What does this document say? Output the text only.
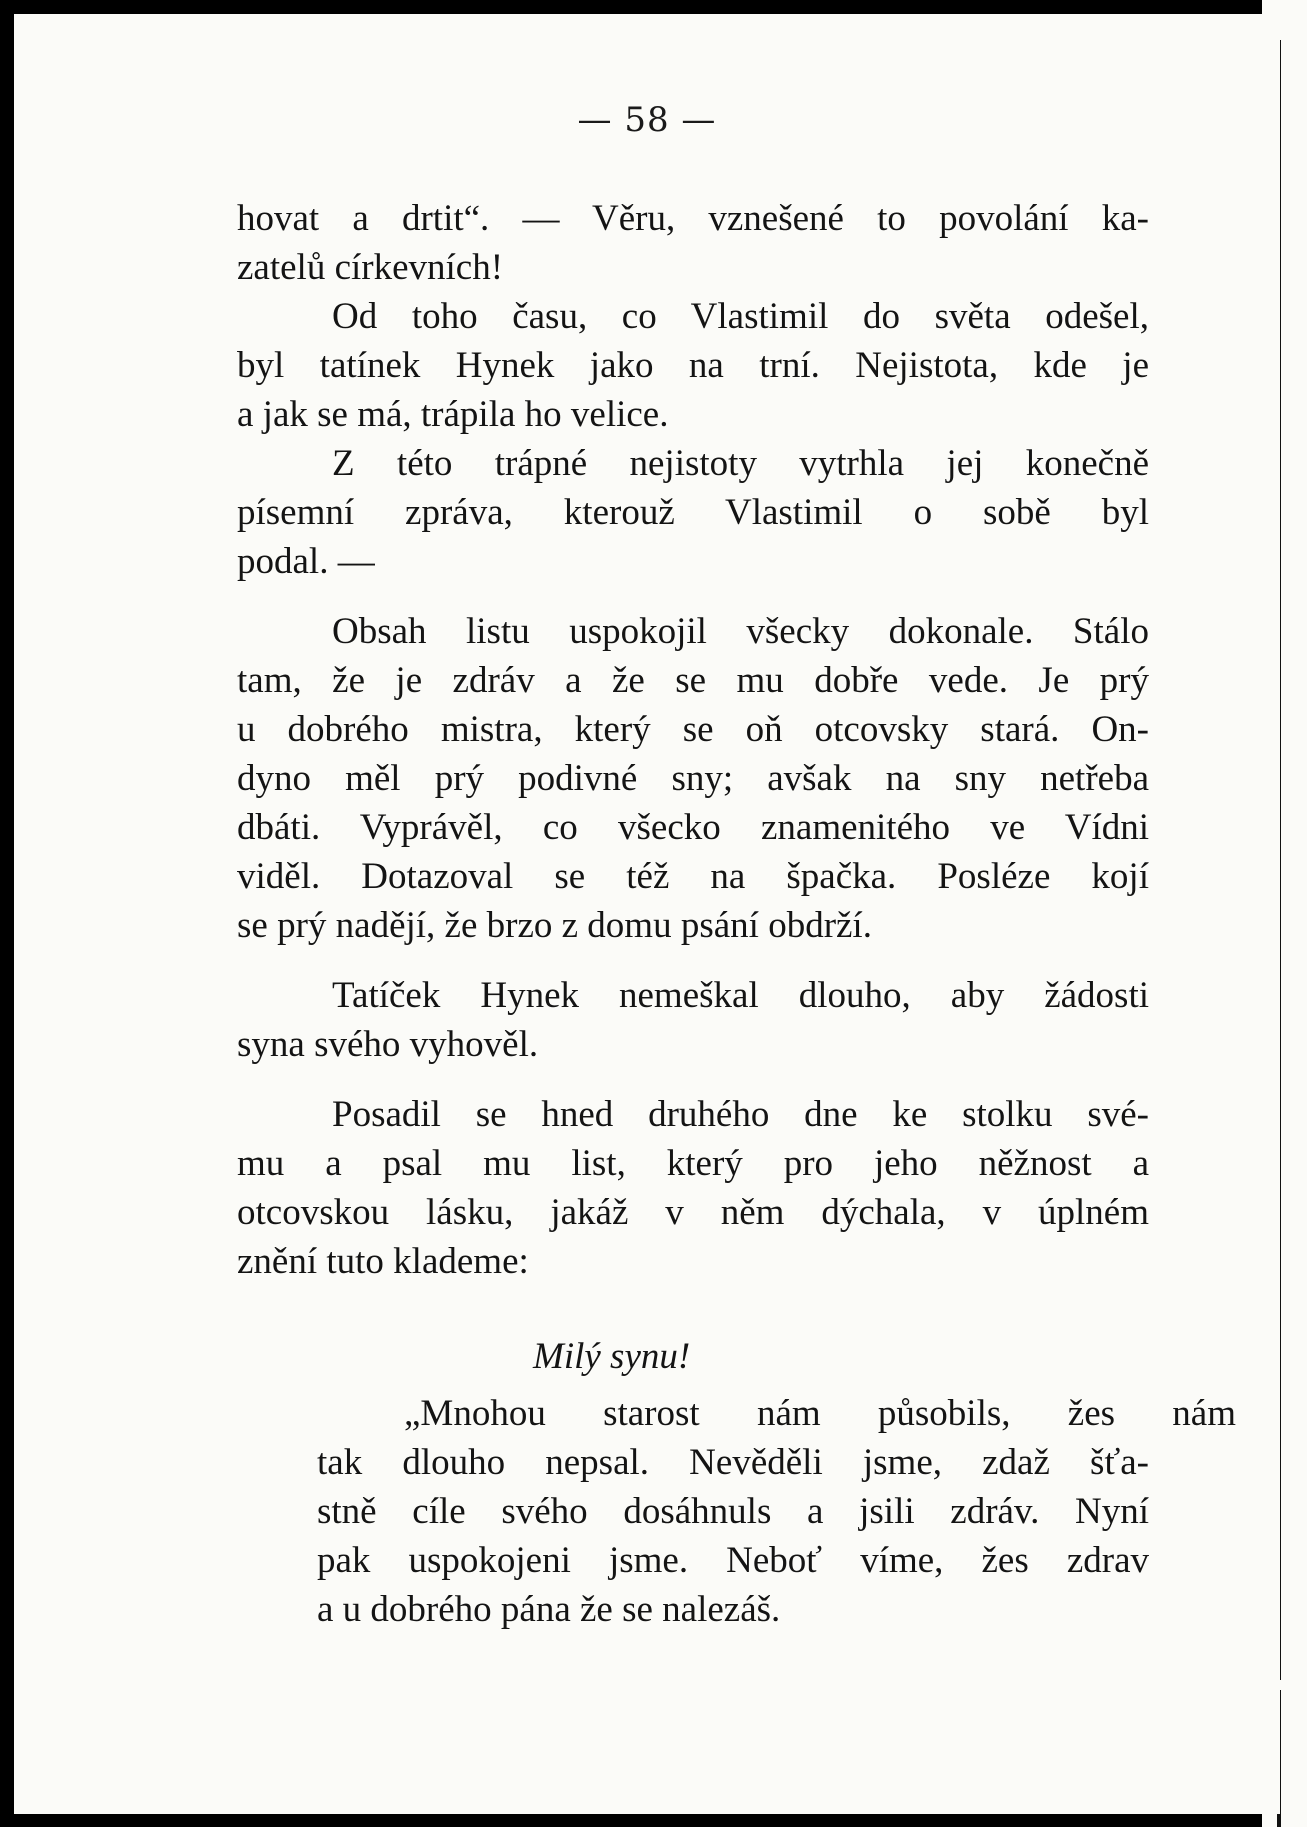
— 58 —
hovat a drtit“. — Věru, vznešené to povolání ka-
zatelů církevních!
Od toho času, co Vlastimil do světa odešel,
byl tatínek Hynek jako na trní. Nejistota, kde je
a jak se má, trápila ho velice.
Z této trápné nejistoty vytrhla jej konečně
písemní zpráva, kterouž Vlastimil o sobě byl
podal. —
Obsah listu uspokojil všecky dokonale. Stálo
tam, že je zdráv a že se mu dobře vede. Je prý
u dobrého mistra, který se oň otcovsky stará. On-
dyno měl prý podivné sny; avšak na sny netřeba
dbáti. Vyprávěl, co všecko znamenitého ve Vídni
viděl. Dotazoval se též na špačka. Posléze kojí
se prý nadějí, že brzo z domu psání obdrží.
Tatíček Hynek nemeškal dlouho, aby žádosti
syna svého vyhověl.
Posadil se hned druhého dne ke stolku své-
mu a psal mu list, který pro jeho něžnost a
otcovskou lásku, jakáž v něm dýchala, v úplném
znění tuto klademe:
Milý synu!
„Mnohou starost nám působils, žes nám
tak dlouho nepsal. Nevěděli jsme, zdaž šťa-
stně cíle svého dosáhnuls a jsili zdráv. Nyní
pak uspokojeni jsme. Neboť víme, žes zdrav
a u dobrého pána že se nalezáš.
